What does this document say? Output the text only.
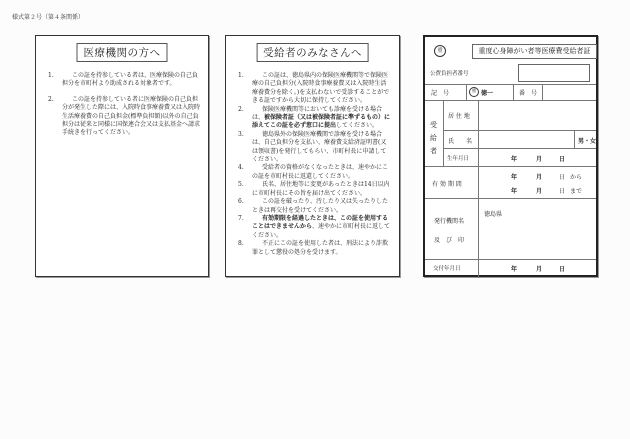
様式第２号（第４条関係）
医療機関の方へ
1.	この証を持参している者は、医療保険の自己負担分を市町村より助成される対象者です。
2.	この証を持参している者に医療保険の自己負担分が発生した際には、入院時食事療養費又は入院時生活療養費の自己負担金(標準負担額)以外の自己負担分は従来と同様に国保連合会又は支払基金へ請求手続きを行ってください。
受給者のみなさんへ
1.	この証は、徳島県内の保険医療機関等で保険医療の自己負担分(入院時食事療養費又は入院時生活療養費分を除く。)を支払わないで受診することができる証ですから大切に保持してください。
2.	保険医療機関等においても診療を受ける場合は、被保険者証（又は被保険者証に準ずるもの）に添えてこの証を必ず窓口に提出してください。
3.	徳島県外の保険医療機関で診療を受ける場合は、自己負担分を支払い、療養費支給済証明書(又は領収書)を発行してもらい、市町村長に申請してください。
4.	受給者の資格がなくなったときは、速やかにこの証を市町村長に返還してください。
5.	氏名、居住地等に変更があったときは14日以内に市町村長にその旨を届け出てください。
6.	この証を破ったり、汚したり又は失ったりしたときは再交付を受けてください。
7.	有効期限を経過したときは、この証を使用することはできませんから、速やかに市町村長に返してください。
8.	不正にこの証を使用した者は、刑法により詐欺罪として懲役の処分を受けます。
重	重度心身障がい者等医療費受給者証
公費負担者番号
記　号	重 徳一	番　号
受給者
居 住 地
氏　　名	男・女
生年月日	年	月	日
有 効 期 間
年	月	日 から
年	月	日 まで
発行機関名
及　び　印
徳島県
交付年月日	年	月	日
